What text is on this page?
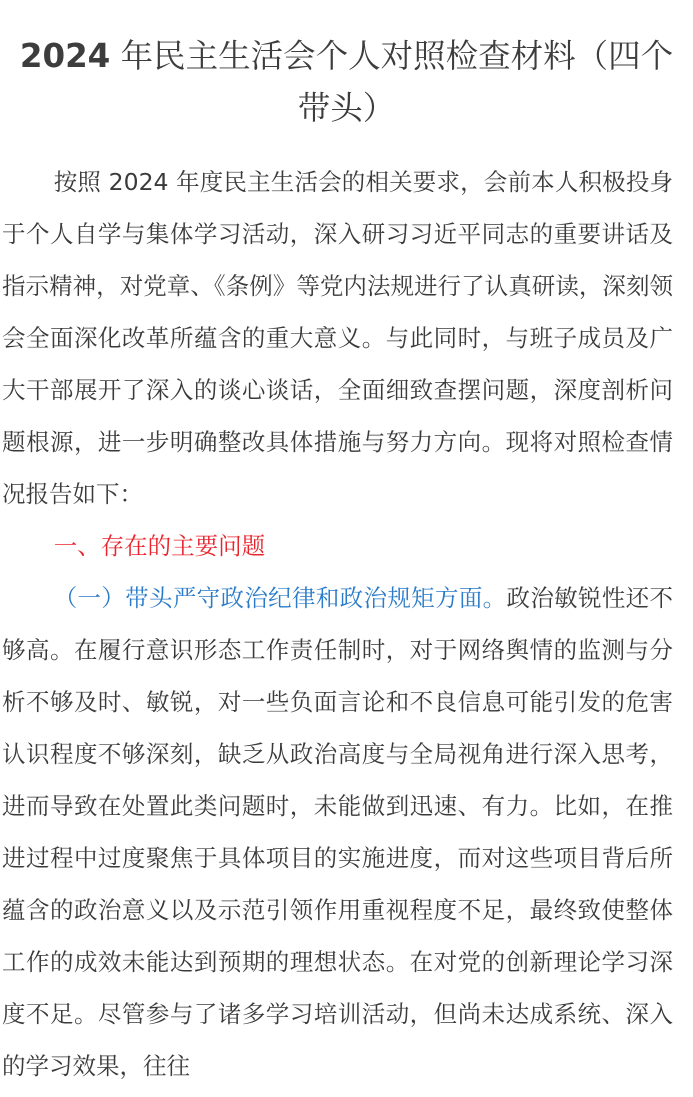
2024 年民主生活会个人对照检查材料（四个带头）

按照 2024 年度民主生活会的相关要求，会前本人积极投身于个人自学与集体学习活动，深入研习习近平同志的重要讲话及指示精神，对党章、《条例》等党内法规进行了认真研读，深刻领会全面深化改革所蕴含的重大意义。与此同时，与班子成员及广大干部展开了深入的谈心谈话，全面细致查摆问题，深度剖析问题根源，进一步明确整改具体措施与努力方向。现将对照检查情况报告如下：

一、存在的主要问题

（一）带头严守政治纪律和政治规矩方面。政治敏锐性还不够高。在履行意识形态工作责任制时，对于网络舆情的监测与分析不够及时、敏锐，对一些负面言论和不良信息可能引发的危害认识程度不够深刻，缺乏从政治高度与全局视角进行深入思考，进而导致在处置此类问题时，未能做到迅速、有力。比如，在推进过程中过度聚焦于具体项目的实施进度，而对这些项目背后所蕴含的政治意义以及示范引领作用重视程度不足，最终致使整体工作的成效未能达到预期的理想状态。在对党的创新理论学习深度不足。尽管参与了诸多学习培训活动，但尚未达成系统、深入的学习效果，往往
